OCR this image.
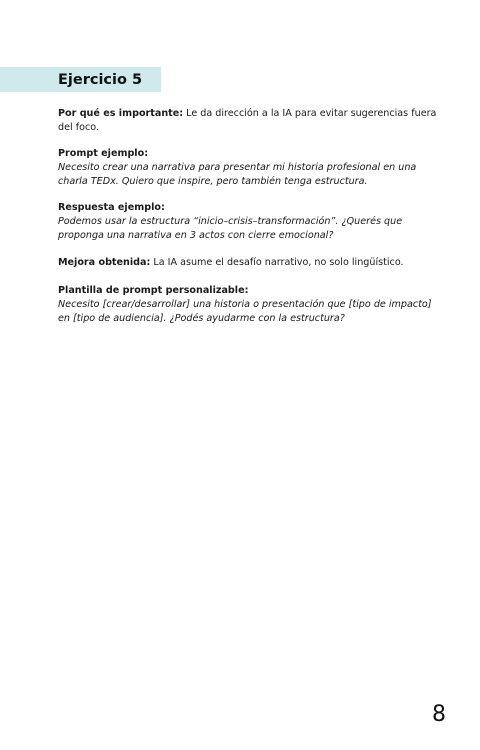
Ejercicio 5

Por qué es importante: Le da dirección a la IA para evitar sugerencias fuera del foco.

Prompt ejemplo:
Necesito crear una narrativa para presentar mi historia profesional en una charla TEDx. Quiero que inspire, pero también tenga estructura.

Respuesta ejemplo:
Podemos usar la estructura “inicio–crisis–transformación”. ¿Querés que proponga una narrativa en 3 actos con cierre emocional?

Mejora obtenida: La IA asume el desafío narrativo, no solo lingüístico.

Plantilla de prompt personalizable:
Necesito [crear/desarrollar] una historia o presentación que [tipo de impacto] en [tipo de audiencia]. ¿Podés ayudarme con la estructura?

8
